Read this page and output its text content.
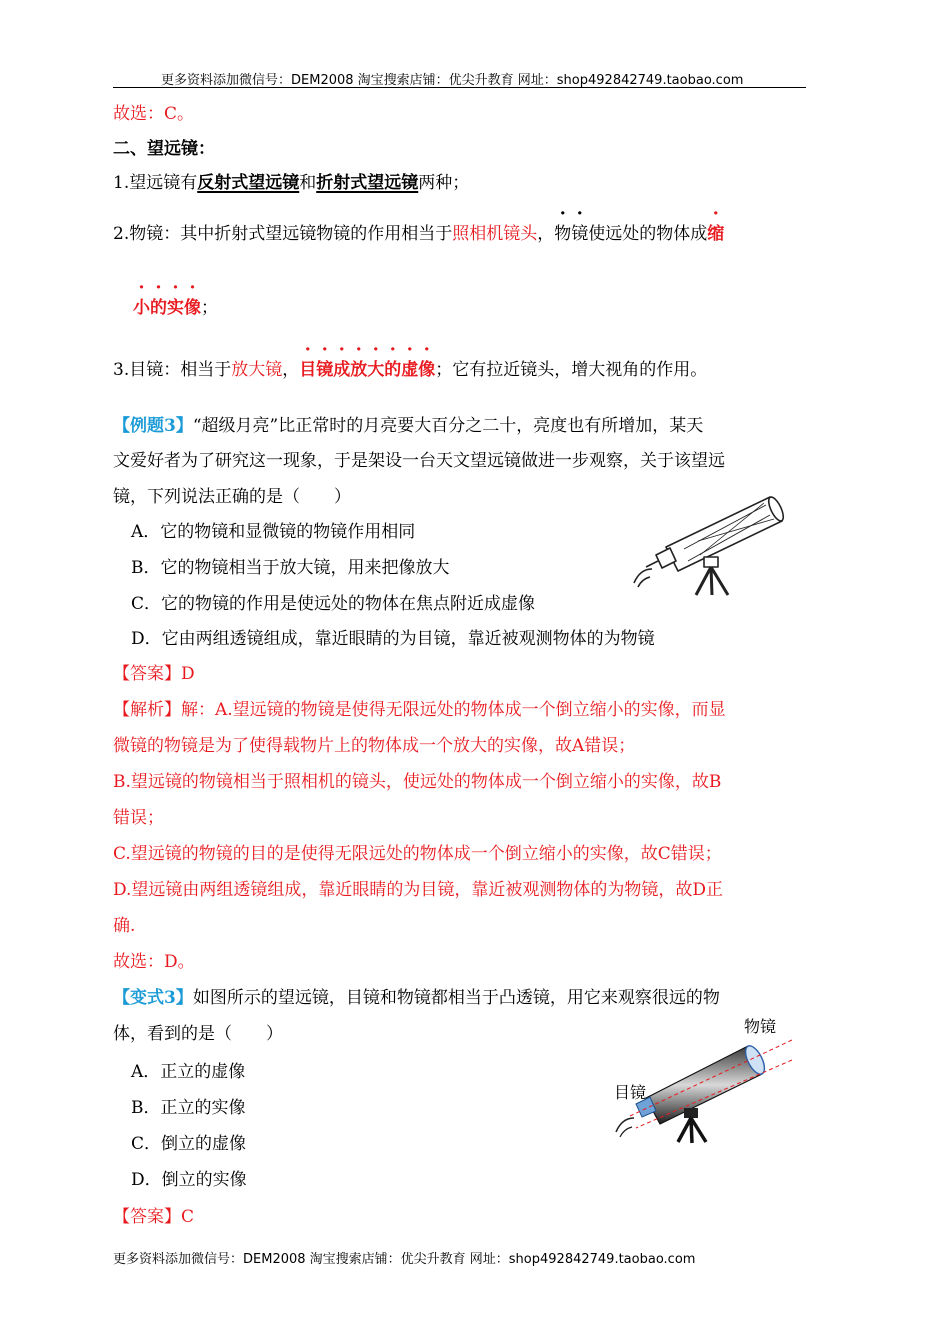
更多资料添加微信号：DEM2008 淘宝搜索店铺：优尖升教育 网址：shop492842749.taobao.com
故选：C。
二、望远镜：
1.望远镜有反射式望远镜和折射式望远镜两种；
2.物镜：其中折射式望远镜物镜的作用相当于照相机镜头，物镜使远处的物体成缩
小的实像；
3.目镜：相当于放大镜，目镜成放大的虚像；它有拉近镜头，增大视角的作用。
【例题3】“超级月亮”比正常时的月亮要大百分之二十，亮度也有所增加，某天
文爱好者为了研究这一现象，于是架设一台天文望远镜做进一步观察，关于该望远
镜，下列说法正确的是（　　）
A．它的物镜和显微镜的物镜作用相同
B．它的物镜相当于放大镜，用来把像放大
C．它的物镜的作用是使远处的物体在焦点附近成虚像
D．它由两组透镜组成，靠近眼睛的为目镜，靠近被观测物体的为物镜
【答案】D
【解析】解：A.望远镜的物镜是使得无限远处的物体成一个倒立缩小的实像，而显
微镜的物镜是为了使得载物片上的物体成一个放大的实像，故A错误；
B.望远镜的物镜相当于照相机的镜头，使远处的物体成一个倒立缩小的实像，故B
错误；
C.望远镜的物镜的目的是使得无限远处的物体成一个倒立缩小的实像，故C错误；
D.望远镜由两组透镜组成，靠近眼睛的为目镜，靠近被观测物体的为物镜，故D正
确.
故选：D。
【变式3】如图所示的望远镜，目镜和物镜都相当于凸透镜，用它来观察很远的物
体，看到的是（　　）
A．正立的虚像
B．正立的实像
C．倒立的虚像
D．倒立的实像
物镜
目镜
【答案】C
更多资料添加微信号：DEM2008 淘宝搜索店铺：优尖升教育 网址：shop492842749.taobao.com
